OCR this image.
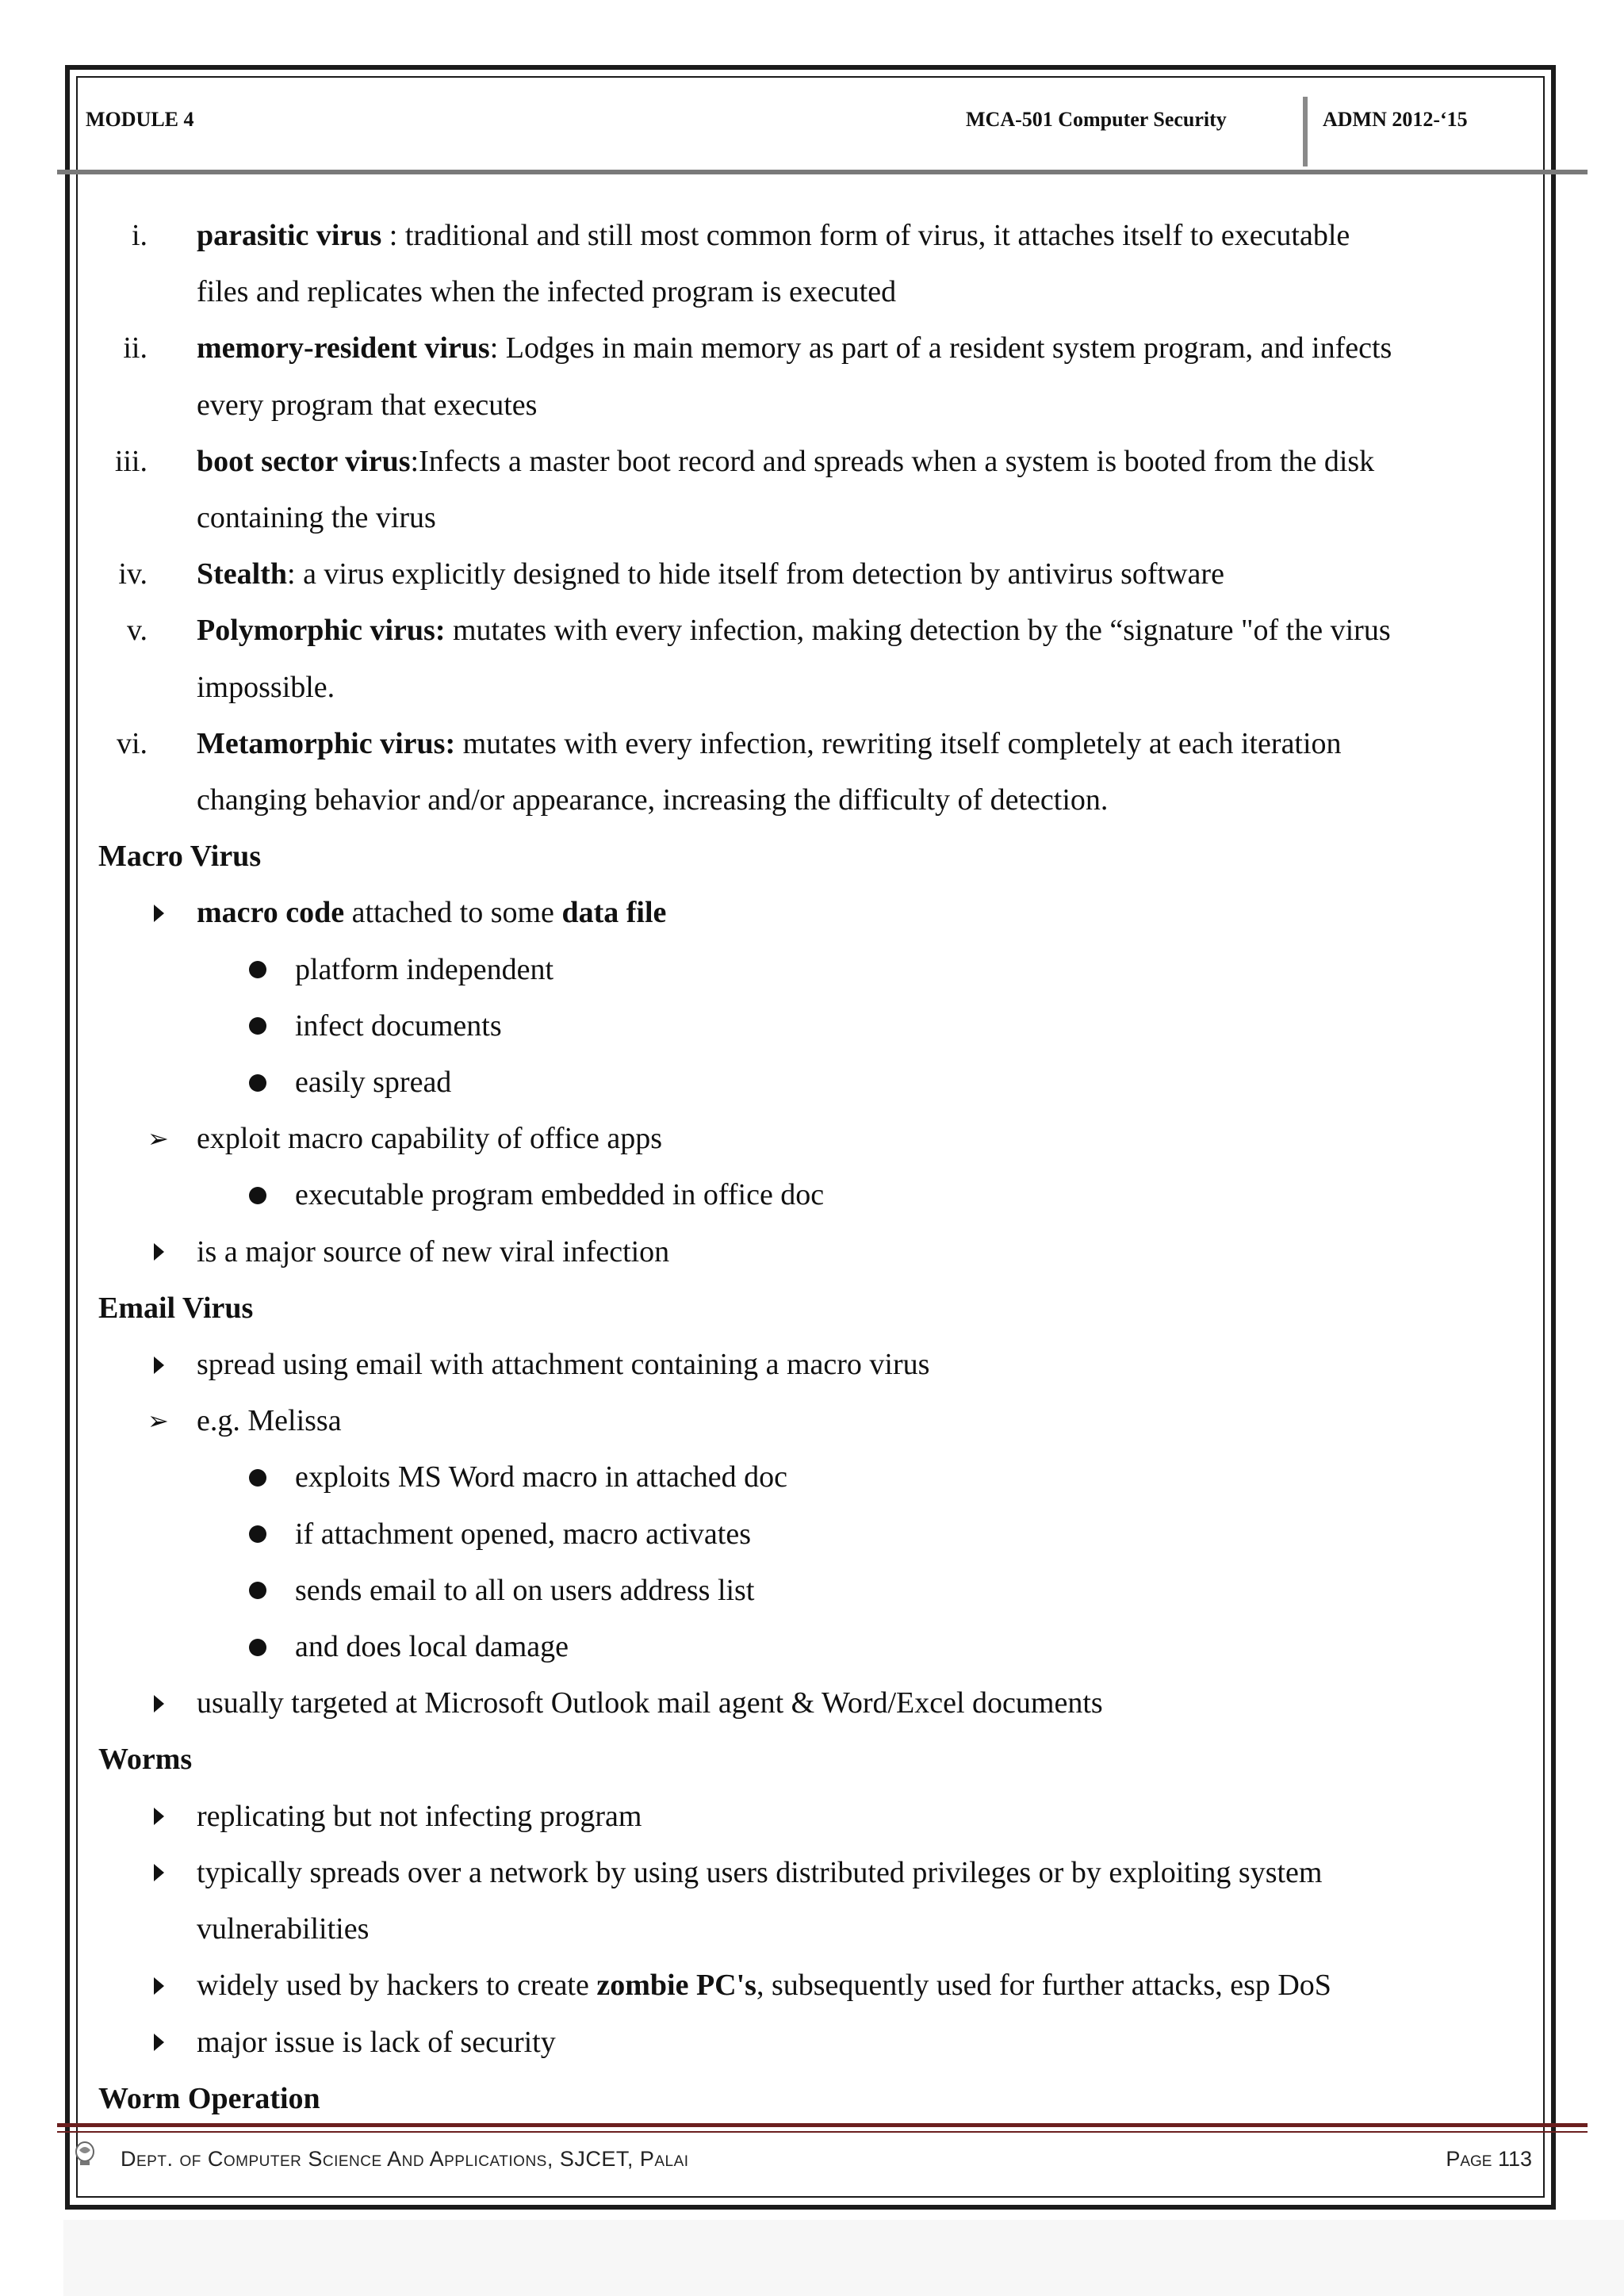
MODULE 4	MCA-501 Computer Security	ADMN 2012-‘15
i. parasitic virus : traditional and still most common form of virus, it attaches itself to executable
files and replicates when the infected program is executed
ii. memory-resident virus: Lodges in main memory as part of a resident system program, and infects
every program that executes
iii. boot sector virus:Infects a master boot record and spreads when a system is booted from the disk
containing the virus
iv. Stealth: a virus explicitly designed to hide itself from detection by antivirus software
v. Polymorphic virus: mutates with every infection, making detection by the “signature "of the virus
impossible.
vi. Metamorphic virus: mutates with every infection, rewriting itself completely at each iteration
changing behavior and/or appearance, increasing the difficulty of detection.
Macro Virus
macro code attached to some data file
platform independent
infect documents
easily spread
➢ exploit macro capability of office apps
executable program embedded in office doc
is a major source of new viral infection
Email Virus
spread using email with attachment containing a macro virus
➢ e.g. Melissa
exploits MS Word macro in attached doc
if attachment opened, macro activates
sends email to all on users address list
and does local damage
usually targeted at Microsoft Outlook mail agent & Word/Excel documents
Worms
replicating but not infecting program
typically spreads over a network by using users distributed privileges or by exploiting system
vulnerabilities
widely used by hackers to create zombie PC's, subsequently used for further attacks, esp DoS
major issue is lack of security
Worm Operation
Dept. of Computer Science And Applications, SJCET, Palai	Page 113
